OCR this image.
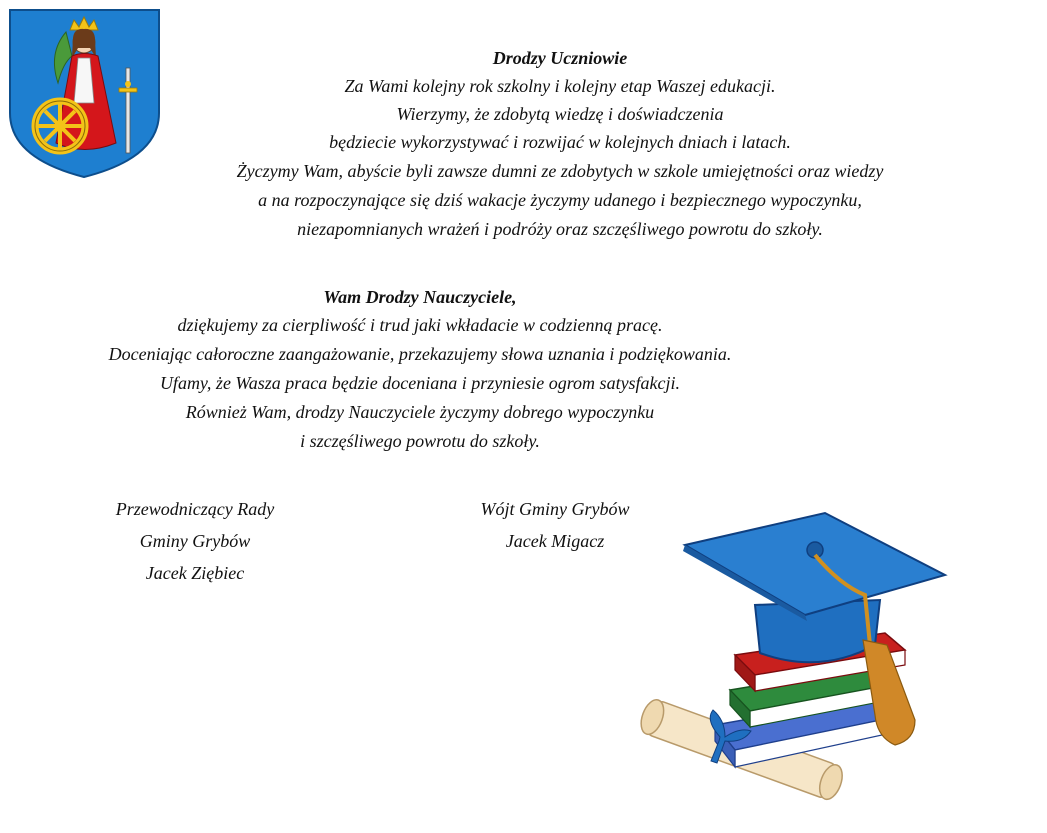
Drodzy Uczniowie
Za Wami kolejny rok szkolny i kolejny etap Waszej edukacji.
Wierzymy, że zdobytą wiedzę i doświadczenia
będziecie wykorzystywać i rozwijać w kolejnych dniach i latach.
Życzymy Wam, abyście byli zawsze dumni ze zdobytych w szkole umiejętności oraz wiedzy
a na rozpoczynające się dziś wakacje życzymy udanego i bezpiecznego wypoczynku,
niezapomnianych wrażeń i podróży oraz szczęśliwego powrotu do szkoły.
Wam Drodzy Nauczyciele,
dziękujemy za cierpliwość i trud jaki wkładacie w codzienną pracę.
Doceniając całoroczne zaangażowanie, przekazujemy słowa uznania i podziękowania.
Ufamy, że Wasza praca będzie doceniana i przyniesie ogrom satysfakcji.
Również Wam, drodzy Nauczyciele życzymy dobrego wypoczynku
i szczęśliwego powrotu do szkoły.
Przewodniczący Rady
Gminy Grybów
Jacek Ziębiec
Wójt Gminy Grybów
Jacek Migacz
